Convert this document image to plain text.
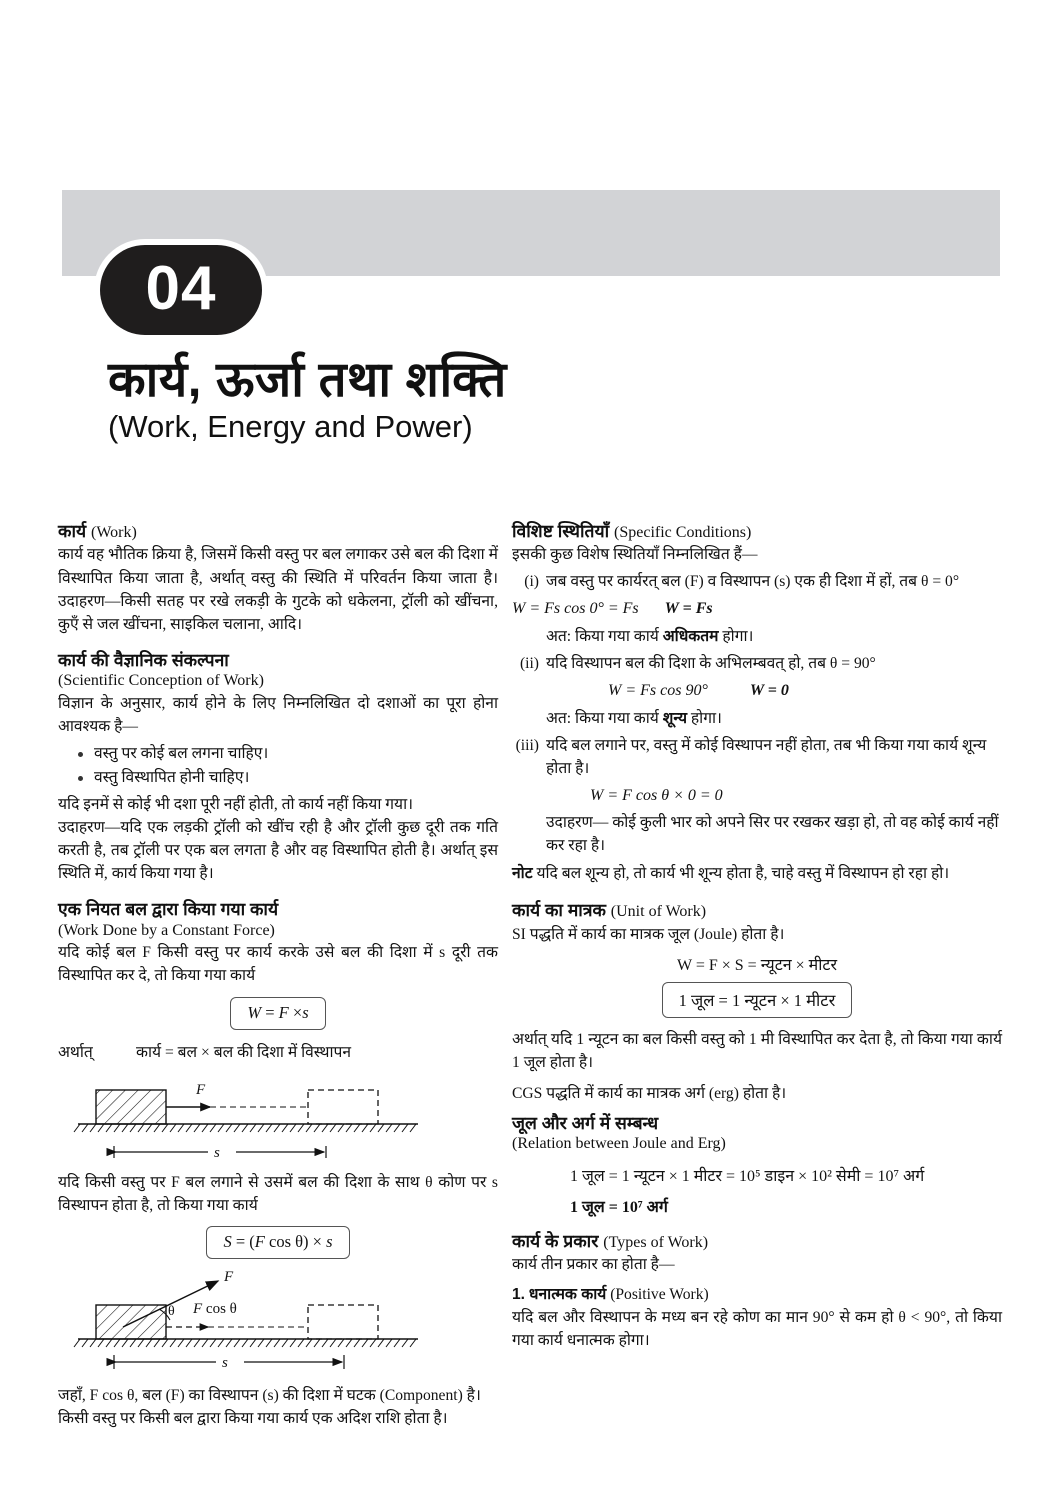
04
कार्य, ऊर्जा तथा शक्ति
(Work, Energy and Power)
कार्य (Work)

कार्य वह भौतिक क्रिया है, जिसमें किसी वस्तु पर बल लगाकर उसे बल की दिशा में विस्थापित किया जाता है, अर्थात् वस्तु की स्थिति में परिवर्तन किया जाता है। उदाहरण—किसी सतह पर रखे लकड़ी के गुटके को धकेलना, ट्रॉली को खींचना, कुएँ से जल खींचना, साइकिल चलाना, आदि।

कार्य की वैज्ञानिक संकल्पना
(Scientific Conception of Work)

विज्ञान के अनुसार, कार्य होने के लिए निम्नलिखित दो दशाओं का पूरा होना आवश्यक है—

वस्तु पर कोई बल लगना चाहिए।
वस्तु विस्थापित होनी चाहिए।

यदि इनमें से कोई भी दशा पूरी नहीं होती, तो कार्य नहीं किया गया।

उदाहरण—यदि एक लड़की ट्रॉली को खींच रही है और ट्रॉली कुछ दूरी तक गति करती है, तब ट्रॉली पर एक बल लगता है और वह विस्थापित होती है। अर्थात् इस स्थिति में, कार्य किया गया है।

एक नियत बल द्वारा किया गया कार्य
(Work Done by a Constant Force)

यदि कोई बल F किसी वस्तु पर कार्य करके उसे बल की दिशा में s दूरी तक विस्थापित कर दे, तो किया गया कार्य

W = F ×s
अर्थात्	कार्य = बल × बल की दिशा में विस्थापन
F
s

यदि किसी वस्तु पर F बल लगाने से उसमें बल की दिशा के साथ θ कोण पर s विस्थापन होता है, तो किया गया कार्य

S = (F cos θ) × s
F
θ F cos θ
s

जहाँ, F cos θ, बल (F) का विस्थापन (s) की दिशा में घटक (Component) है।

किसी वस्तु पर किसी बल द्वारा किया गया कार्य एक अदिश राशि होता है।

विशिष्ट स्थितियाँ (Specific Conditions)

इसकी कुछ विशेष स्थितियाँ निम्नलिखित हैं—

(i) जब वस्तु पर कार्यरत् बल (F) व विस्थापन (s) एक ही दिशा में हों, तब θ = 0°
W = Fs cos 0° = Fs W = Fs
अत: किया गया कार्य अधिकतम होगा।
(ii) यदि विस्थापन बल की दिशा के अभिलम्बवत् हो, तब θ = 90°
W = Fs cos 90°	W = 0
अत: किया गया कार्य शून्य होगा।
(iii) यदि बल लगाने पर, वस्तु में कोई विस्थापन नहीं होता, तब भी किया गया कार्य शून्य होता है।
W = F cos θ × 0 = 0
उदाहरण— कोई कुली भार को अपने सिर पर रखकर खड़ा हो, तो वह कोई कार्य नहीं कर रहा है।
नोट यदि बल शून्य हो, तो कार्य भी शून्य होता है, चाहे वस्तु में विस्थापन हो रहा हो।
कार्य का मात्रक (Unit of Work)

SI पद्धति में कार्य का मात्रक जूल (Joule) होता है।

W = F × S = न्यूटन × मीटर
1 जूल = 1 न्यूटन × 1 मीटर

अर्थात् यदि 1 न्यूटन का बल किसी वस्तु को 1 मी विस्थापित कर देता है, तो किया गया कार्य 1 जूल होता है।

CGS पद्धति में कार्य का मात्रक अर्ग (erg) होता है।

जूल और अर्ग में सम्बन्ध
(Relation between Joule and Erg)
1 जूल = 1 न्यूटन × 1 मीटर = 10⁵ डाइन × 10² सेमी = 10⁷ अर्ग
1 जूल = 10⁷ अर्ग
कार्य के प्रकार (Types of Work)

कार्य तीन प्रकार का होता है—

1. धनात्मक कार्य (Positive Work)

यदि बल और विस्थापन के मध्य बन रहे कोण का मान 90° से कम हो θ < 90°, तो किया गया कार्य धनात्मक होगा।
